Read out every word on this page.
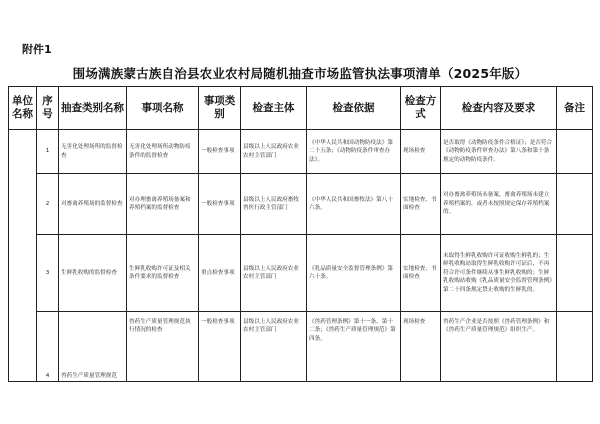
附件1
围场满族蒙古族自治县农业农村局随机抽查市场监管执法事项清单（2025年版）
单位名称	序号	抽查类别名称	事项名称	事项类别	检查主体	检查依据	检查方式	检查内容及要求	备注
	1	无害化处理场所的监督检查	无害化处理场所动物防疫条件的监督检查	一般检查事项	县级以上人民政府农业农村主管部门	《中华人民共和国动物防疫法》第二十五条；《动物防疫条件审查办法》。	现场检查	是否取得《动物防疫条件合格证》；是否符合《动物防疫条件审查办法》第八条和第十条规定的动物防疫条件。	
	2	对畜禽养殖场的监督检查	对办理畜禽养殖场备案和养殖档案的监督检查	一般检查事项	县级以上人民政府畜牧兽医行政主管部门	《中华人民共和国畜牧法》第八十六条。	实地检查、书面检查	对办畜禽养殖场未备案，畜禽养殖场未建立养殖档案的，或者未按照规定保存养殖档案的。	
	3	生鲜乳收购的监督检查	生鲜乳收购许可证及相关条件要求的监督检查	重点检查事项	县级以上人民政府农业农村主管部门	《乳品质量安全监督管理条例》第六十条。	实地检查、书面检查	未取得生鲜乳收购许可证收购生鲜乳的；生鲜乳收购站取得生鲜乳收购许可证后，不再符合许可条件继续从事生鲜乳收购的；生鲜乳收购站收购《乳品质量安全监督管理条例》第二十四条规定禁止收购的生鲜乳的。	
	4	兽药生产质量管理规范	兽药生产质量管理规范执行情况的检查	一般检查事项	县级以上人民政府农业农村主管部门	《兽药管理条例》第十一条、第十二条；《兽药生产质量管理规范》第四条。	现场检查	兽药生产企业是否按照《兽药管理条例》和《兽药生产质量管理规范》组织生产。	
